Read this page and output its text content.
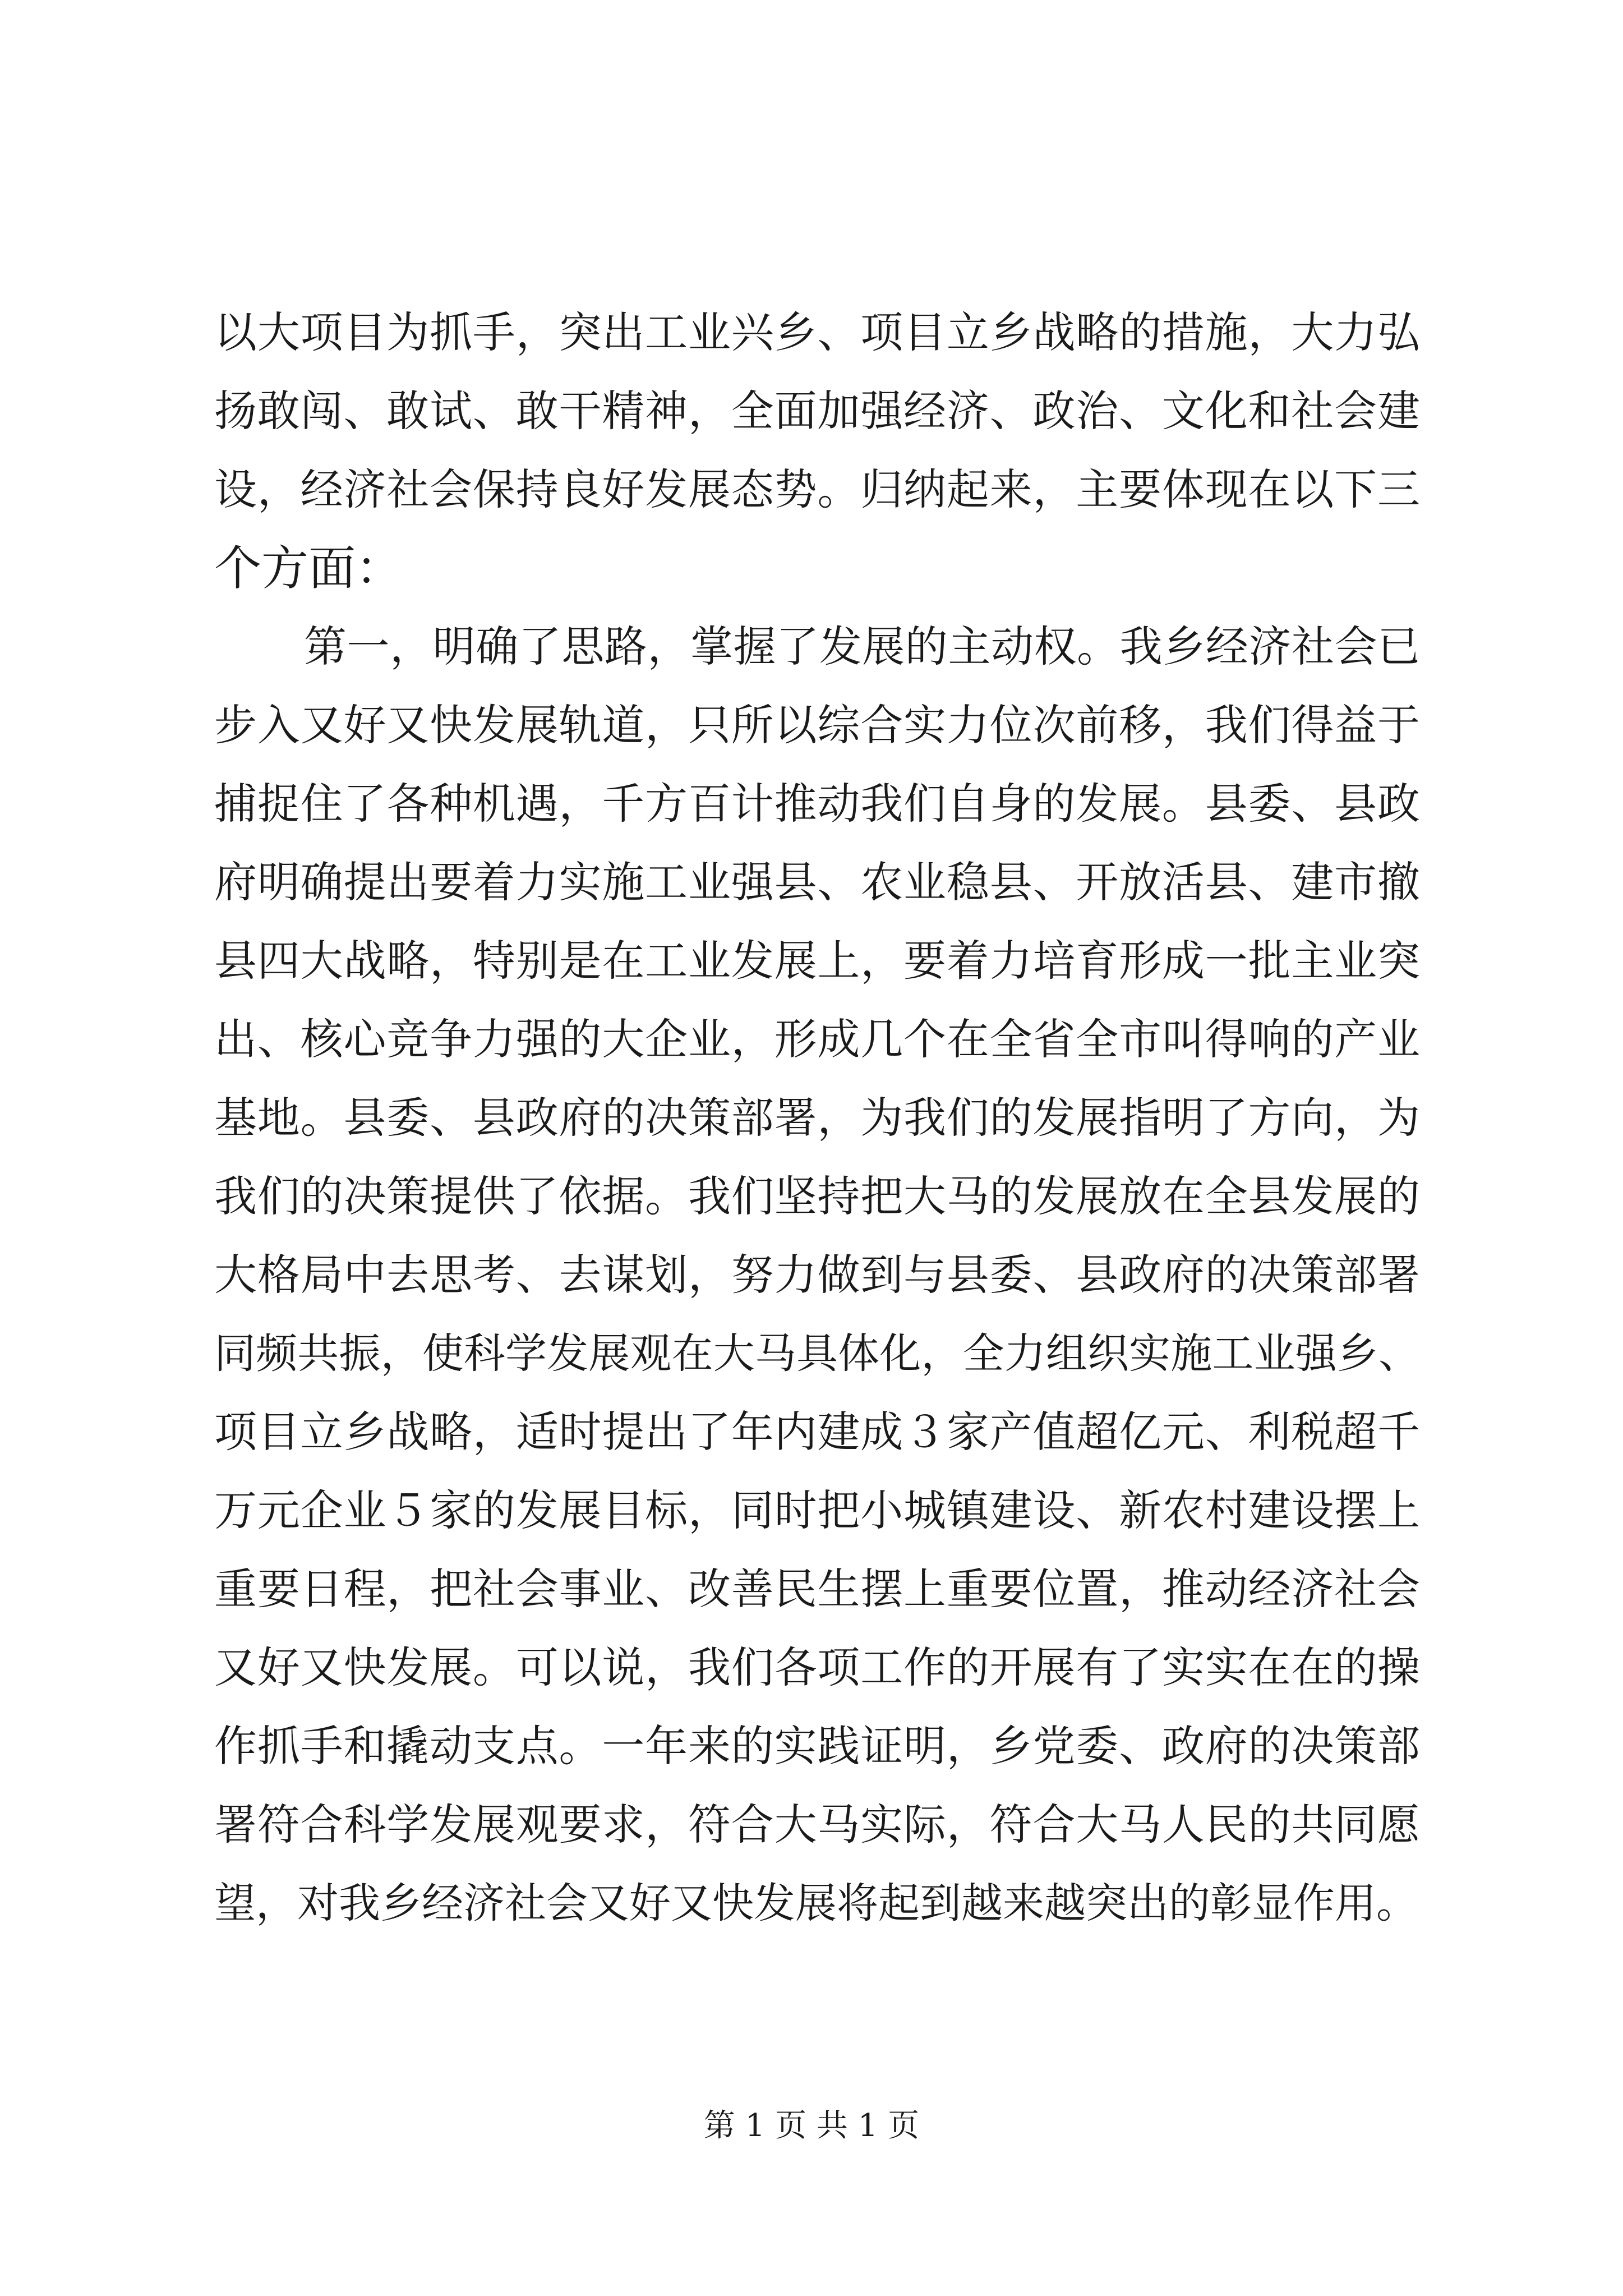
以大项目为抓手，突出工业兴乡、项目立乡战略的措施，大力弘
扬敢闯、敢试、敢干精神，全面加强经济、政治、文化和社会建
设，经济社会保持良好发展态势。归纳起来，主要体现在以下三
个方面：
第一，明确了思路，掌握了发展的主动权。我乡经济社会已
步入又好又快发展轨道，只所以综合实力位次前移，我们得益于
捕捉住了各种机遇，千方百计推动我们自身的发展。县委、县政
府明确提出要着力实施工业强县、农业稳县、开放活县、建市撤
县四大战略，特别是在工业发展上，要着力培育形成一批主业突
出、核心竞争力强的大企业，形成几个在全省全市叫得响的产业
基地。县委、县政府的决策部署，为我们的发展指明了方向，为
我们的决策提供了依据。我们坚持把大马的发展放在全县发展的
大格局中去思考、去谋划，努力做到与县委、县政府的决策部署
同频共振，使科学发展观在大马具体化，全力组织实施工业强乡、
项目立乡战略，适时提出了年内建成３家产值超亿元、利税超千
万元企业５家的发展目标，同时把小城镇建设、新农村建设摆上
重要日程，把社会事业、改善民生摆上重要位置，推动经济社会
又好又快发展。可以说，我们各项工作的开展有了实实在在的操
作抓手和撬动支点。一年来的实践证明，乡党委、政府的决策部
署符合科学发展观要求，符合大马实际，符合大马人民的共同愿
望，对我乡经济社会又好又快发展将起到越来越突出的彰显作用。
第 1 页 共 1 页
